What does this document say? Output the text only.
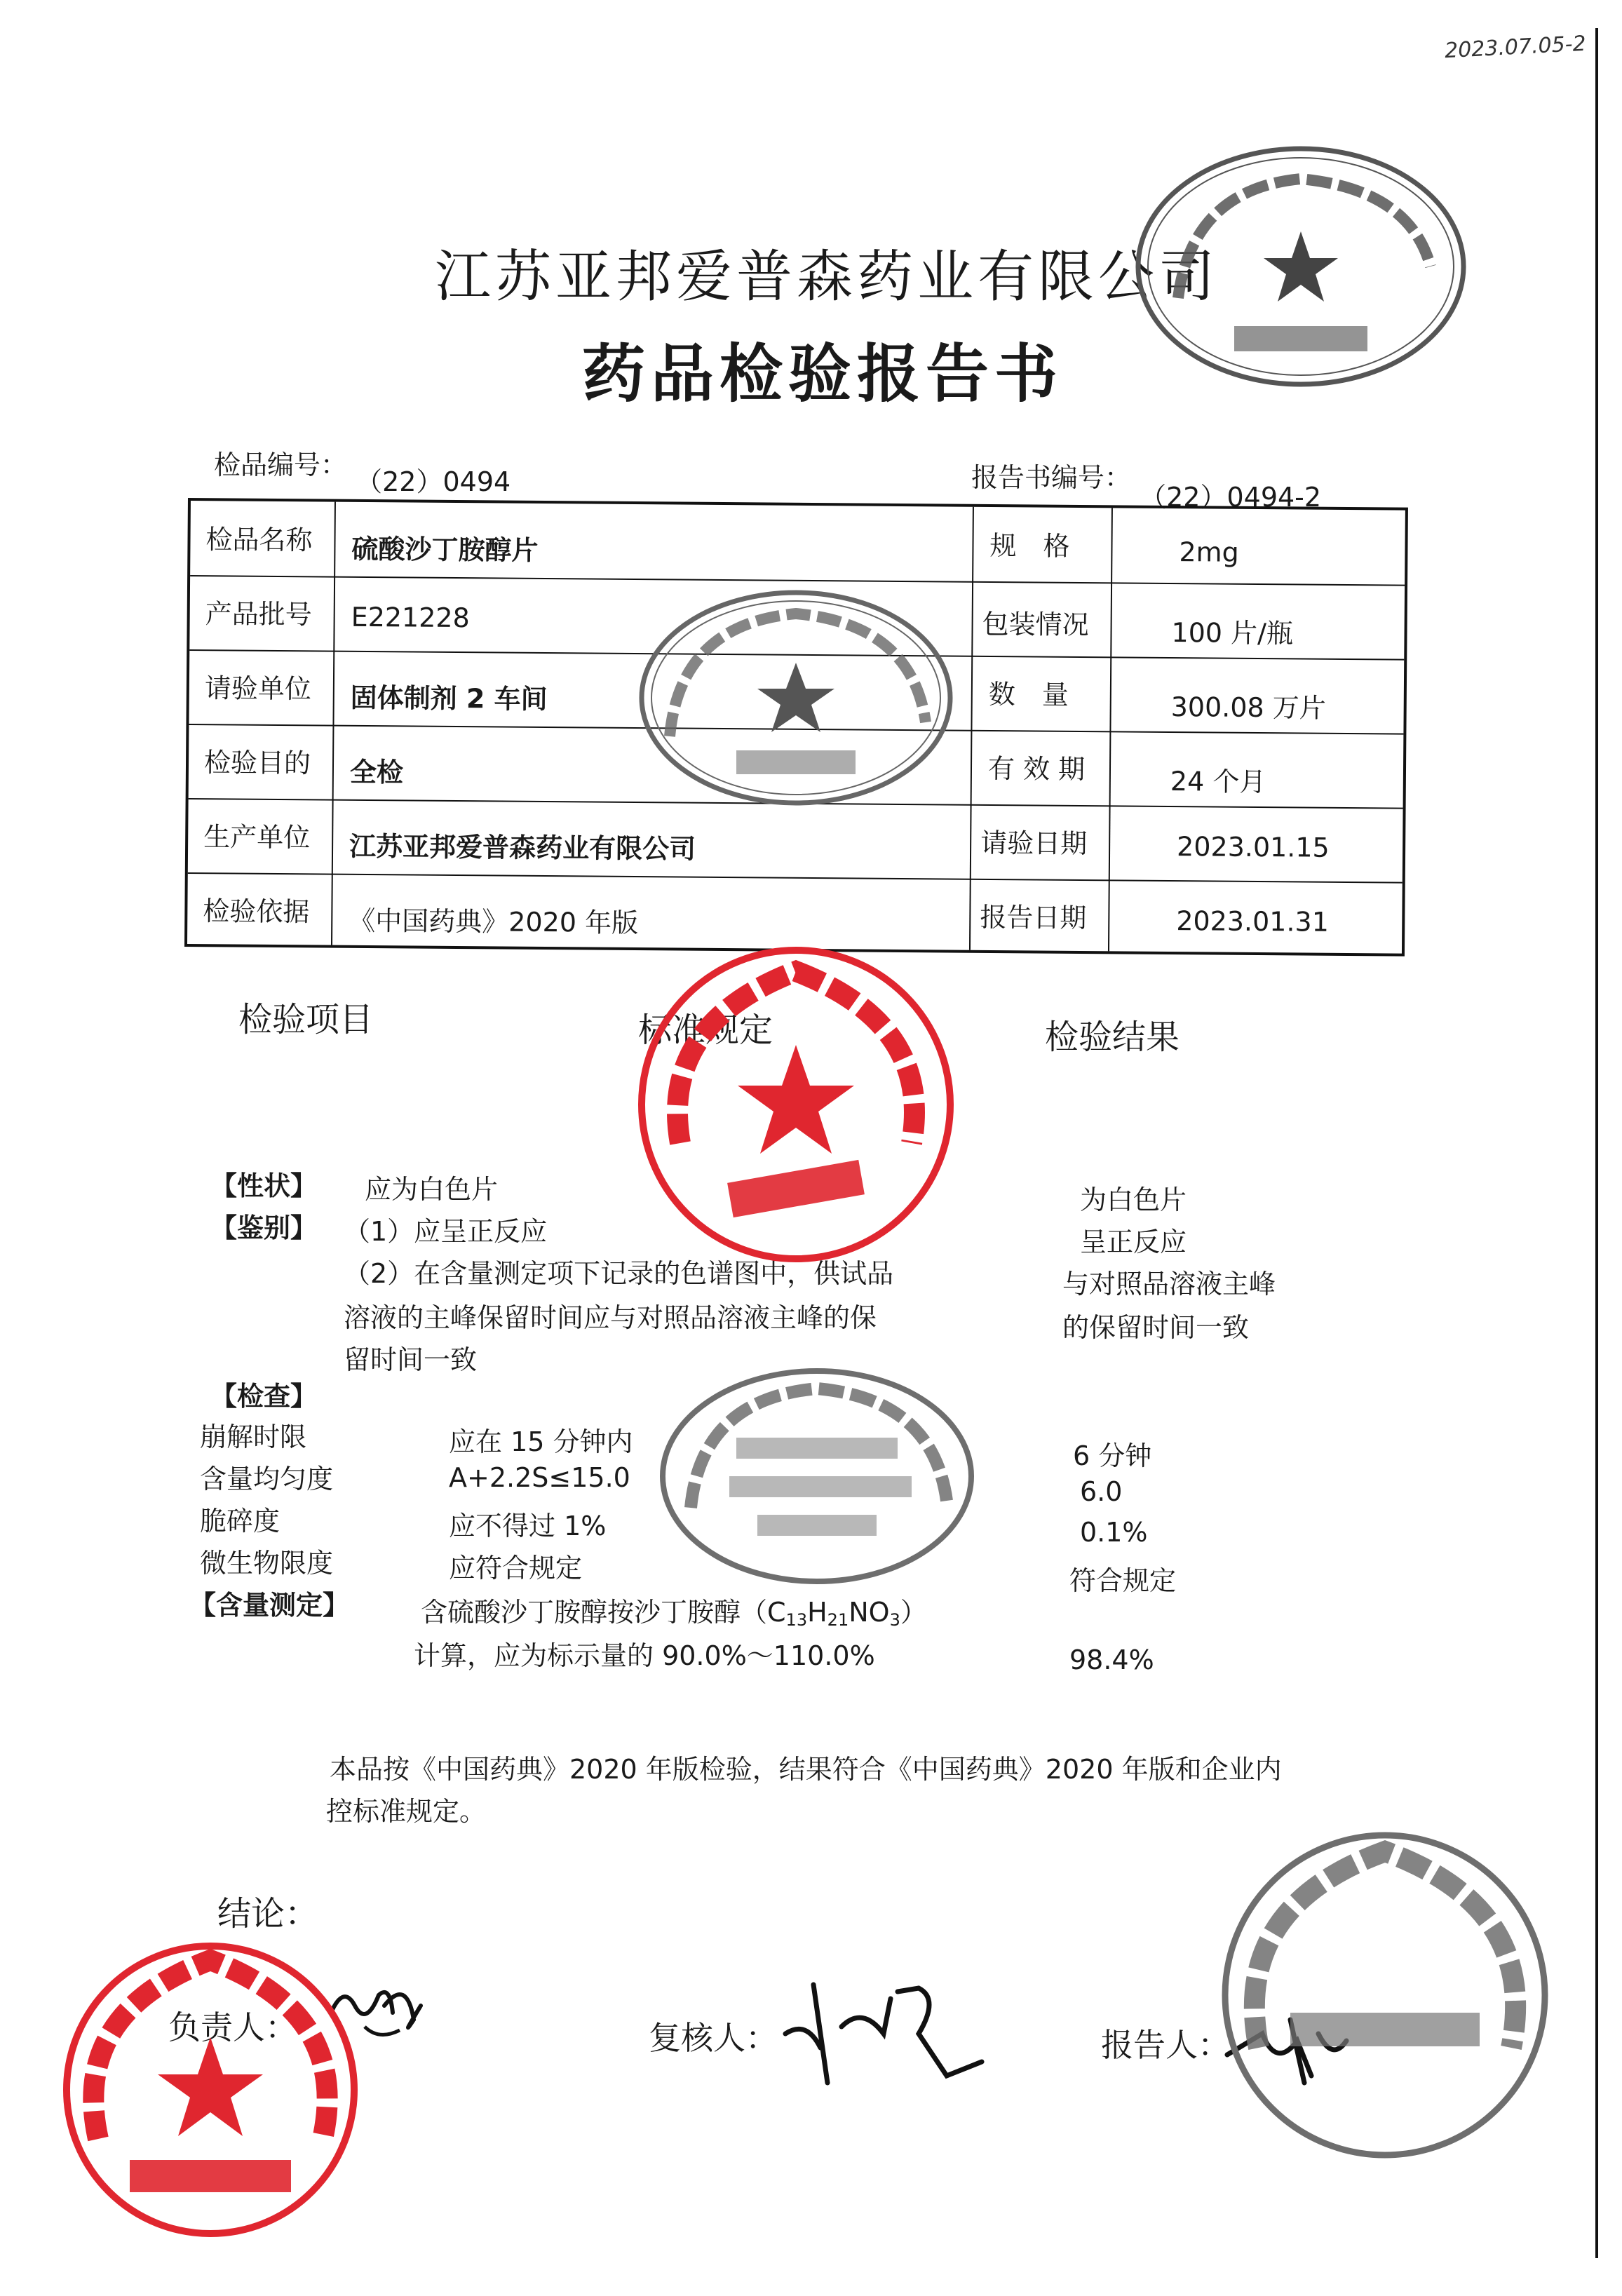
2023.07.05-2
江苏亚邦爱普森药业有限公司
药品检验报告书
检品编号： （22）0494	报告书编号： （22）0494-2
检品名称 硫酸沙丁胺醇片	规　格	2mg
产品批号 E221228	包装情况	100 片/瓶
请验单位 固体制剂 2 车间	数　量	300.08 万片
检验目的 全检	有 效 期	24 个月
生产单位 江苏亚邦爱普森药业有限公司	请验日期	2023.01.15
检验依据 《中国药典》2020 年版	报告日期	2023.01.31
检验项目	标准规定	检验结果
【性状】 应为白色片	为白色片
【鉴别】 （1）应呈正反应	呈正反应
（2）在含量测定项下记录的色谱图中，供试品
溶液的主峰保留时间应与对照品溶液主峰的保
留时间一致
与对照品溶液主峰
的保留时间一致
【检查】
崩解时限	应在 15 分钟内	6 分钟
含量均匀度	A+2.2S≤15.0	6.0
脆碎度	应不得过 1%	0.1%
微生物限度	应符合规定	符合规定
【含量测定】	含硫酸沙丁胺醇按沙丁胺醇$(C_{13}H_{21}NO_3)$
计算，应为标示量的 90.0%～110.0%	98.4%
本品按《中国药典》2020 年版检验，结果符合《中国药典》2020 年版和企业内
控标准规定。
结论：
负责人：	复核人：	报告人：
